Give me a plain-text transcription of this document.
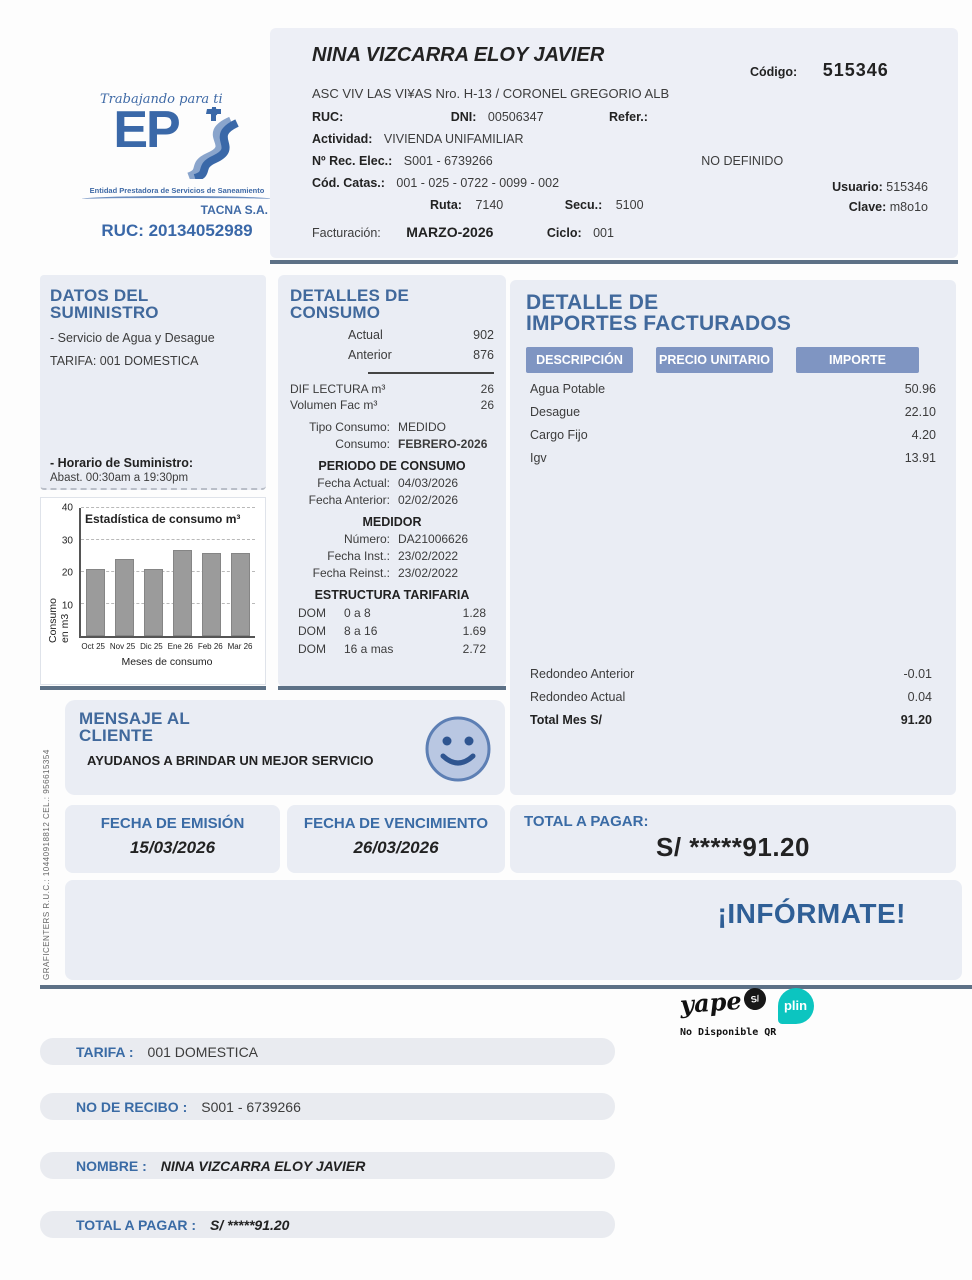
Trabajando para ti
EP
Entidad Prestadora de Servicios de Saneamiento
TACNA S.A.
RUC: 20134052989
NINA VIZCARRA ELOY JAVIER
Código: 515346
ASC VIV LAS VI¥AS Nro. H-13 / CORONEL GREGORIO ALB
RUC:	DNI: 00506347	Refer.:
Actividad: VIVIENDA UNIFAMILIAR
Nº Rec. Elec.: S001 - 6739266	NO DEFINIDO
Cód. Catas.: 001 - 025 - 0722 - 0099 - 002
Ruta: 7140	Secu.: 5100
Usuario: 515346
Clave: m8o1o
Facturación: MARZO-2026	Ciclo: 001
DATOS DEL
SUMINISTRO
- Servicio de Agua y Desague
TARIFA: 001 DOMESTICA
- Horario de Suministro:
Abast. 00:30am a 19:30pm
Estadística de consumo m³
10
20
30
40
Consumo en m3
Oct 25 Nov 25 Dic 25 Ene 26 Feb 26 Mar 26
Meses de consumo
GRAFICENTERS R.U.C.: 10440918812 CEL.: 956615354
DETALLES DE
CONSUMO
Actual	902
Anterior	876
DIF LECTURA m³	26
Volumen Fac m³	26
Tipo Consumo: MEDIDO
Consumo: FEBRERO-2026
PERIODO DE CONSUMO
Fecha Actual: 04/03/2026
Fecha Anterior: 02/02/2026
MEDIDOR
Número: DA21006626
Fecha Inst.: 23/02/2022
Fecha Reinst.: 23/02/2022
ESTRUCTURA TARIFARIA
DOM	0 a 8	1.28
DOM	8 a 16	1.69
DOM	16 a mas	2.72
DETALLE DE
IMPORTES FACTURADOS
DESCRIPCIÓN	PRECIO UNITARIO	IMPORTE
Agua Potable	50.96
Desague	22.10
Cargo Fijo	4.20
Igv	13.91
Redondeo Anterior	-0.01
Redondeo Actual	0.04
Total Mes S/	91.20
MENSAJE AL
CLIENTE
AYUDANOS A BRINDAR UN MEJOR SERVICIO
FECHA DE EMISIÓN
15/03/2026
FECHA DE VENCIMIENTO
26/03/2026
TOTAL A PAGAR:
S/ *****91.20
¡INFÓRMATE!
yape S/ plin
No Disponible QR
TARIFA : 001 DOMESTICA
NO DE RECIBO : S001 - 6739266
NOMBRE : NINA VIZCARRA ELOY JAVIER
TOTAL A PAGAR : S/ *****91.20
